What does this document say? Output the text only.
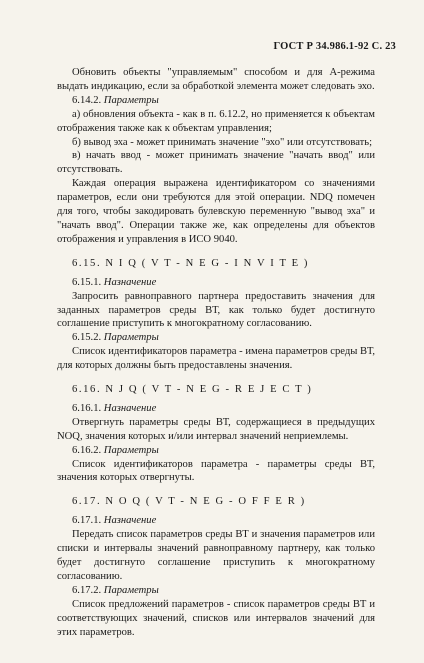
ГОСТ Р 34.986.1-92 С. 23

Обновить объекты "управляемым" способом и для А-режима выдать индикацию, если за обработкой элемента может следовать эхо.

6.14.2. Параметры

а) обновления объекта - как в п. 6.12.2, но применяется к объектам отображения также как к объектам управления;

б) вывод эха - может принимать значение "эхо" или отсутствовать;

в) начать ввод - может принимать значение "начать ввод" или отсутствовать.

Каждая операция выражена идентификатором со значениями параметров, если они требуются для этой операции. NDQ помечен для того, чтобы закодировать булевскую переменную "вывод эха" и "начать ввод". Операции также же, как определены для объектов отображения и управления в ИСО 9040.

6.15. N I Q ( V T - N E G - I N V I T E )

6.15.1. Назначение

Запросить равноправного партнера предоставить значения для заданных параметров среды ВТ, как только будет достигнуто соглашение приступить к многократному согласованию.

6.15.2. Параметры

Список идентификаторов параметра - имена параметров среды ВТ, для которых должны быть предоставлены значения.

6.16. N J Q ( V T - N E G - R E J E C T )

6.16.1. Назначение

Отвергнуть параметры среды ВТ, содержащиеся в предыдущих NOQ, значения которых и/или интервал значений неприемлемы.

6.16.2. Параметры

Список идентификаторов параметра - параметры среды ВТ, значения которых отвергнуты.

6.17. N O Q ( V T - N E G - O F F E R )

6.17.1. Назначение

Передать список параметров среды ВТ и значения параметров или списки и интервалы значений равноправному партнеру, как только будет достигнуто соглашение приступить к многократному согласованию.

6.17.2. Параметры

Список предложений параметров - список параметров среды ВТ и соответствующих значений, списков или интервалов значений для этих параметров.
